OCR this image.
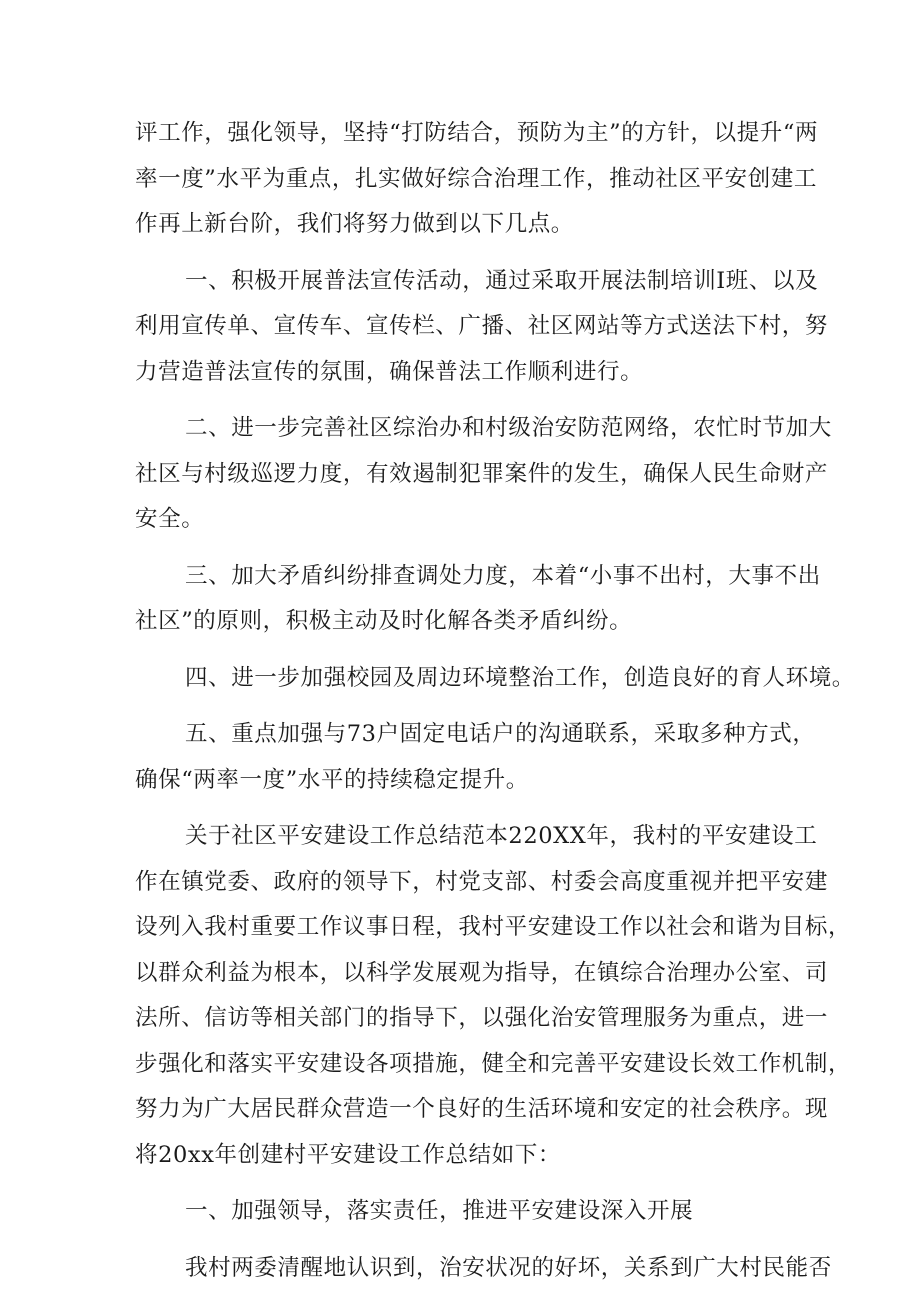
评工作，强化领导，坚持“打防结合，预防为主”的方针，以提升“两
率一度”水平为重点，扎实做好综合治理工作，推动社区平安创建工
作再上新台阶，我们将努力做到以下几点。
一、积极开展普法宣传活动，通过采取开展法制培训Ⅰ班、以及
利用宣传单、宣传车、宣传栏、广播、社区网站等方式送法下村，努
力营造普法宣传的氛围，确保普法工作顺利进行。
二、进一步完善社区综治办和村级治安防范网络，农忙时节加大
社区与村级巡逻力度，有效遏制犯罪案件的发生，确保人民生命财产
安全。
三、加大矛盾纠纷排查调处力度，本着“小事不出村，大事不出
社区”的原则，积极主动及时化解各类矛盾纠纷。
四、进一步加强校园及周边环境整治工作，创造良好的育人环境。
五、重点加强与73户固定电话户的沟通联系，采取多种方式，
确保“两率一度”水平的持续稳定提升。
关于社区平安建设工作总结范本220XX年，我村的平安建设工
作在镇党委、政府的领导下，村党支部、村委会高度重视并把平安建
设列入我村重要工作议事日程，我村平安建设工作以社会和谐为目标，
以群众利益为根本，以科学发展观为指导，在镇综合治理办公室、司
法所、信访等相关部门的指导下，以强化治安管理服务为重点，进一
步强化和落实平安建设各项措施，健全和完善平安建设长效工作机制，
努力为广大居民群众营造一个良好的生活环境和安定的社会秩序。现
将20xx年创建村平安建设工作总结如下：
一、加强领导，落实责任，推进平安建设深入开展
我村两委清醒地认识到，治安状况的好坏，关系到广大村民能否
